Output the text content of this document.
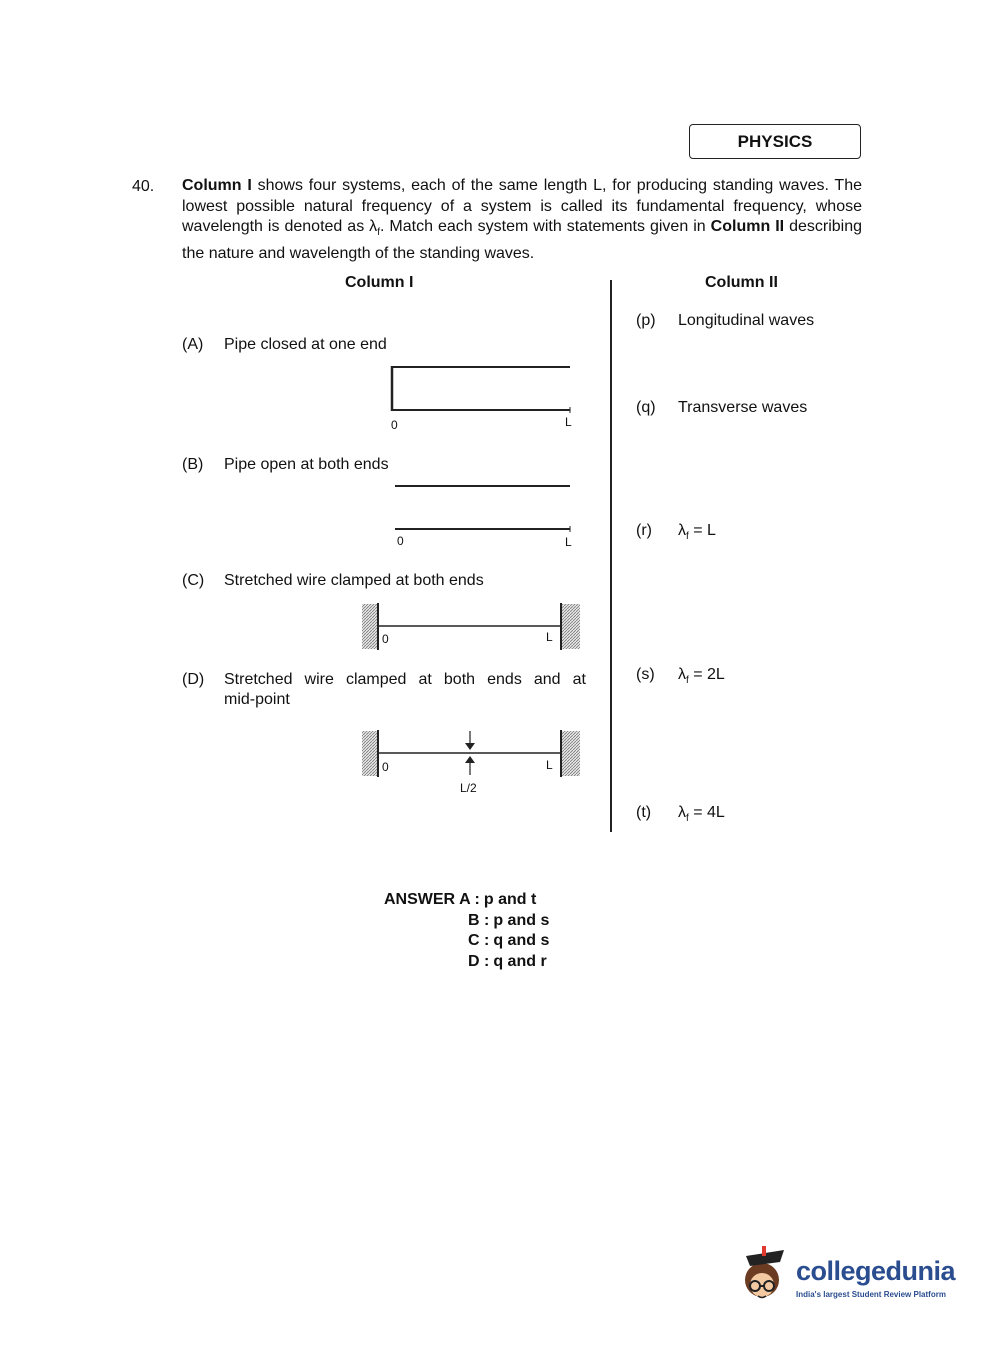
PHYSICS
40. Column I shows four systems, each of the same length L, for producing standing waves. The lowest possible natural frequency of a system is called its fundamental frequency, whose wavelength is denoted as $\lambda_f$. Match each system with statements given in Column II describing the nature and wavelength of the standing waves.
Column I	Column II
(A) Pipe closed at one end
(B) Pipe open at both ends
(C) Stretched wire clamped at both ends
(D) Stretched wire clamped at both ends and at
mid-point
0	L
0	L
0	L
0	L
L/2
(p) Longitudinal waves
(q) Transverse waves
(r) $\lambda_f = L$
(s) $\lambda_f = 2L$
(t) $\lambda_f = 4L$
ANSWER A : p and t
B : p and s
C : q and s
D : q and r
collegedunia
India's largest Student Review Platform
